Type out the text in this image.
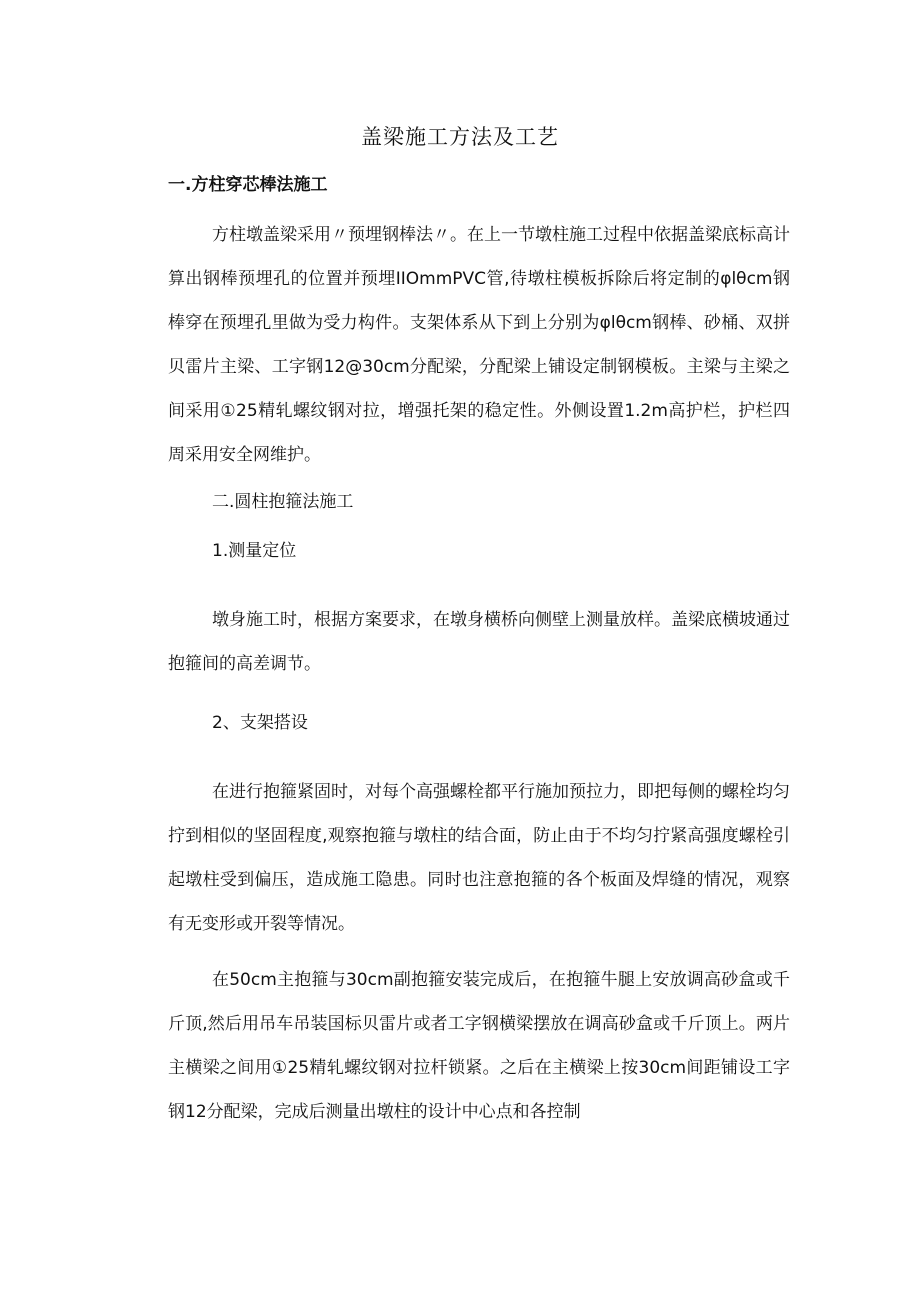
盖梁施工方法及工艺
一.方柱穿芯棒法施工

方柱墩盖梁采用〃预埋钢棒法〃。在上一节墩柱施工过程中依据盖梁底标高计算出钢棒预埋孔的位置并预埋IIOmmPVC管,待墩柱模板拆除后将定制的φlθcm钢棒穿在预埋孔里做为受力构件。支架体系从下到上分别为φlθcm钢棒、砂桶、双拼贝雷片主梁、工字钢12@30cm分配梁，分配梁上铺设定制钢模板。主梁与主梁之间采用①25精轧螺纹钢对拉，增强托架的稳定性。外侧设置1.2m高护栏，护栏四周采用安全网维护。

二.圆柱抱箍法施工
1.测量定位

墩身施工时，根据方案要求，在墩身横桥向侧壁上测量放样。盖梁底横坡通过抱箍间的高差调节。

2、支架搭设

在进行抱箍紧固时，对每个高强螺栓都平行施加预拉力，即把每侧的螺栓均匀拧到相似的坚固程度,观察抱箍与墩柱的结合面，防止由于不均匀拧紧高强度螺栓引起墩柱受到偏压，造成施工隐患。同时也注意抱箍的各个板面及焊缝的情况，观察有无变形或开裂等情况。

在50cm主抱箍与30cm副抱箍安装完成后，在抱箍牛腿上安放调高砂盒或千斤顶,然后用吊车吊装国标贝雷片或者工字钢横梁摆放在调高砂盒或千斤顶上。两片主横梁之间用①25精轧螺纹钢对拉杆锁紧。之后在主横梁上按30cm间距铺设工字钢12分配梁，完成后测量出墩柱的设计中心点和各控制
